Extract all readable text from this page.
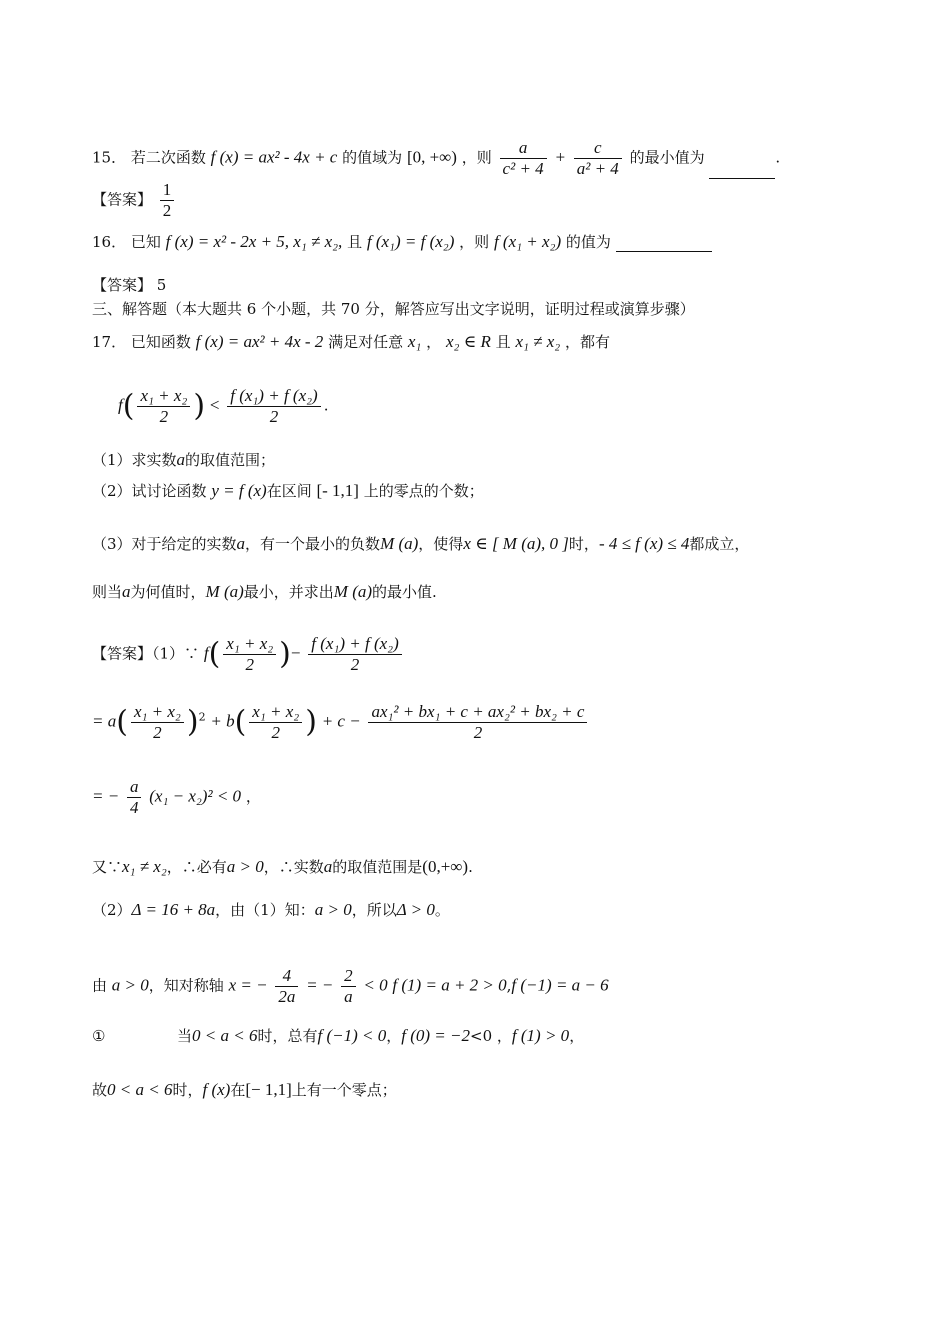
15． 若二次函数 f (x) = ax² - 4x + c 的值域为 [0, +∞) ，则 $\frac{a}{\text{c² + 4}} + \frac{c}{\text{a² + 4}}$ 的最小值为	.
【答案】 $\frac{1}{2}$
16． 已知 f (x) = x² - 2x + 5, x₁ ≠ x₂, 且 f (x₁) = f (x₂) ，则 f (x₁ + x₂) 的值为
【答案】 5
三、解答题（本大题共 6 个小题，共 70 分，解答应写出文字说明，证明过程或演算步骤）
17． 已知函数 f (x) = ax² + 4x - 2 满足对任意 x₁ ， x₂ ∈ R 且 x₁ ≠ x₂ ，都有
$f( \frac{\text{x₁ + x₂}}{2}$ ) < $\frac{\text{f (x₁) + f (x₂)}}{2}$ .
（1）求实数a的取值范围；
（2）试讨论函数 y = f (x)在区间 [- 1,1] 上的零点的个数；
（3）对于给定的实数a，有一个最小的负数M (a)，使得x ∈ [ M (a), 0 ]时，- 4 ≤ f (x) ≤ 4都成立，
则当a为何值时，M (a)最小，并求出M (a)的最小值.
【答案】（1）∵ $f( \frac{\text{x₁ + x₂}}{2}$ )− $\frac{\text{f (x₁) + f (x₂)}}{2}$
= $a( \frac{\text{x₁ + x₂}}{2} )^2 + b( \frac{\text{x₁ + x₂}}{2}$ ) + $c - \frac{\text{ax₁² + bx₁ + c + ax₂² + bx₂ + c}}{2}$
= − $\frac{a}{4} (x_1 - x_2)^2 < 0$ ，
又∵x₁ ≠ x₂，∴必有a > 0，∴实数a的取值范围是(0,+∞).
（2）Δ = 16 + 8a，由（1）知：a > 0，所以Δ > 0。
由 a > 0，知对称轴 x = − $\frac{4}{2a}$ = − $\frac{2}{a} < 0$ f (1) = a + 2 > 0,f (−1) = a − 6
①	当0 < a < 6时，总有f (−1) < 0，f (0) = −2<0 ，f (1) > 0，
故0 < a < 6时，f (x)在[− 1,1]上有一个零点；
